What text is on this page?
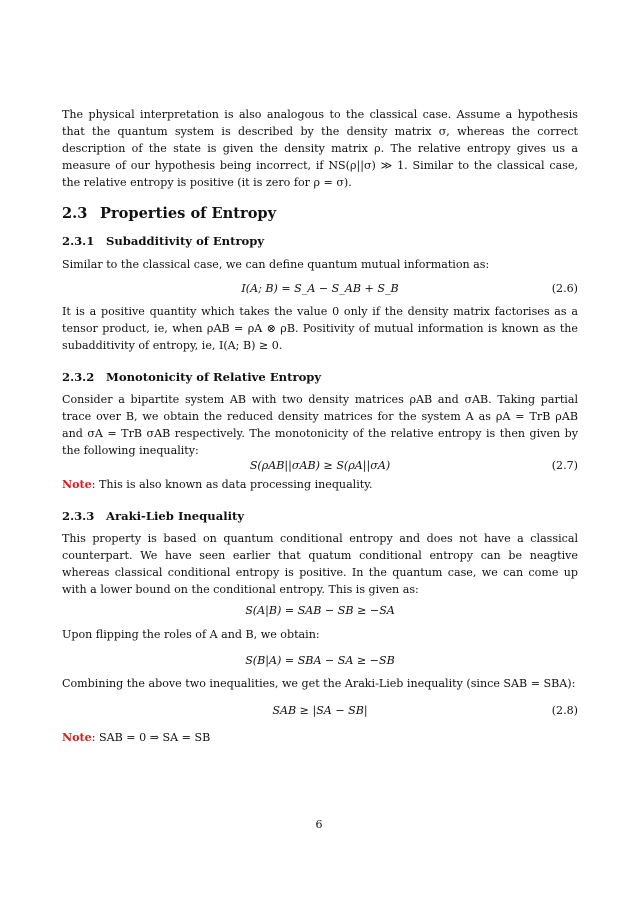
The physical interpretation is also analogous to the classical case. Assume a hypothesis that the quantum system is described by the density matrix σ, whereas the correct description of the state is given the density matrix ρ. The relative entropy gives us a measure of our hypothesis being incorrect, if NS(ρ||σ) ≫ 1. Similar to the classical case, the relative entropy is positive (it is zero for ρ = σ).

2.3 Properties of Entropy
2.3.1 Subadditivity of Entropy

Similar to the classical case, we can define quantum mutual information as:

I(A; B) = S_A − S_AB + S_B	(2.6)

It is a positive quantity which takes the value 0 only if the density matrix factorises as a tensor product, ie, when ρAB = ρA ⊗ ρB. Positivity of mutual information is known as the subadditivity of entropy, ie, I(A; B) ≥ 0.

2.3.2 Monotonicity of Relative Entropy

Consider a bipartite system AB with two density matrices ρAB and σAB. Taking partial trace over B, we obtain the reduced density matrices for the system A as ρA = TrB ρAB and σA = TrB σAB respectively. The monotonicity of the relative entropy is then given by the following inequality:

S(ρAB||σAB) ≥ S(ρA||σA)	(2.7)

Note: This is also known as data processing inequality.

2.3.3 Araki-Lieb Inequality

This property is based on quantum conditional entropy and does not have a classical counterpart. We have seen earlier that quatum conditional entropy can be neagtive whereas classical conditional entropy is positive. In the quantum case, we can come up with a lower bound on the conditional entropy. This is given as:

S(A|B) = SAB − SB ≥ −SA

Upon flipping the roles of A and B, we obtain:

S(B|A) = SBA − SA ≥ −SB

Combining the above two inequalities, we get the Araki-Lieb inequality (since SAB = SBA):

SAB ≥ |SA − SB|	(2.8)

Note: SAB = 0 ⇒ SA = SB

6
